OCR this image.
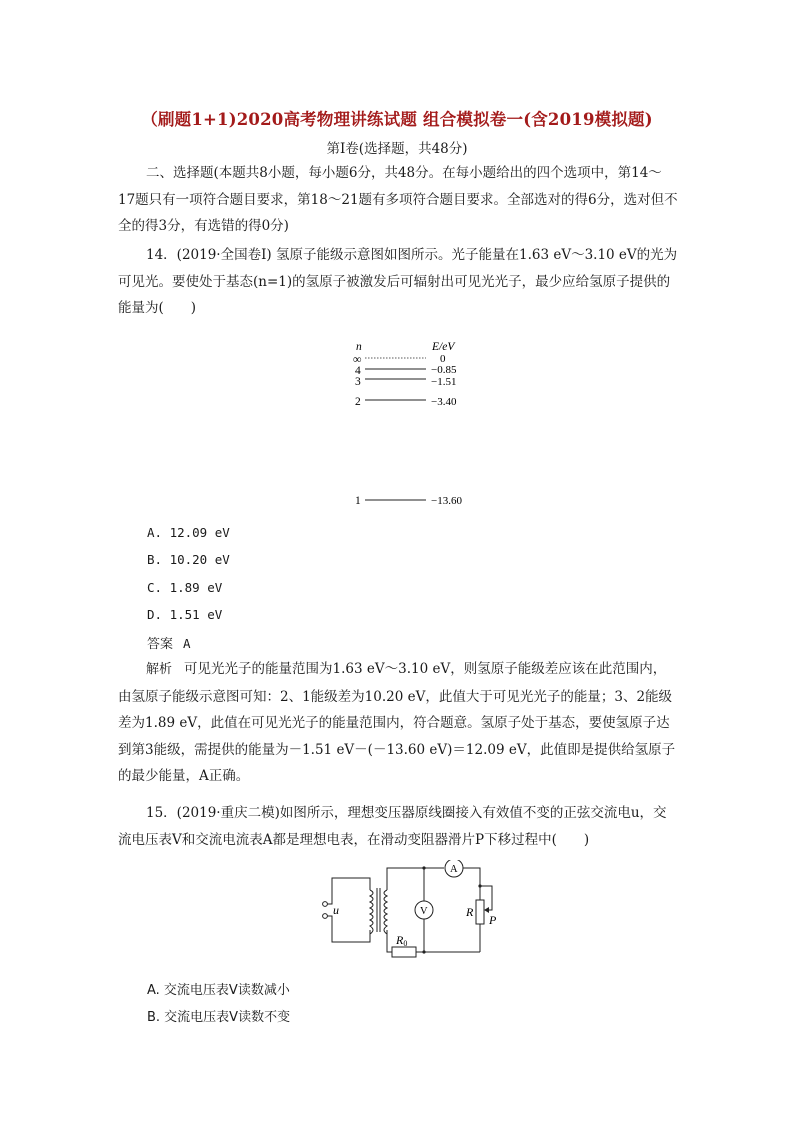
（刷题1+1)2020高考物理讲练试题 组合模拟卷一(含2019模拟题)
第Ⅰ卷(选择题，共48分)
二、选择题(本题共8小题，每小题6分，共48分。在每小题给出的四个选项中，第14～17题只有一项符合题目要求，第18～21题有多项符合题目要求。全部选对的得6分，选对但不全的得3分，有选错的得0分)
14．(2019·全国卷Ⅰ) 氢原子能级示意图如图所示。光子能量在1.63 eV～3.10 eV的光为可见光。要使处于基态(n=1)的氢原子被激发后可辐射出可见光光子，最少应给氢原子提供的能量为(　　)
n	E/eV
∞	0
4	−0.85
3	−1.51
2	−3.40
1	−13.60
A. 12.09 eV
B. 10.20 eV
C. 1.89 eV
D. 1.51 eV
答案 A
解析 可见光光子的能量范围为1.63 eV～3.10 eV，则氢原子能级差应该在此范围内，由氢原子能级示意图可知：2、1能级差为10.20 eV，此值大于可见光光子的能量；3、2能级差为1.89 eV，此值在可见光光子的能量范围内，符合题意。氢原子处于基态，要使氢原子达到第3能级，需提供的能量为－1.51 eV－(－13.60 eV)＝12.09 eV，此值即是提供给氢原子的最少能量，A正确。
15．(2019·重庆二模)如图所示，理想变压器原线圈接入有效值不变的正弦交流电u，交流电压表V和交流电流表A都是理想电表，在滑动变阻器滑片P下移过程中(　　)
u
A
V	R
P
R0
A. 交流电压表V读数减小
B. 交流电压表V读数不变
